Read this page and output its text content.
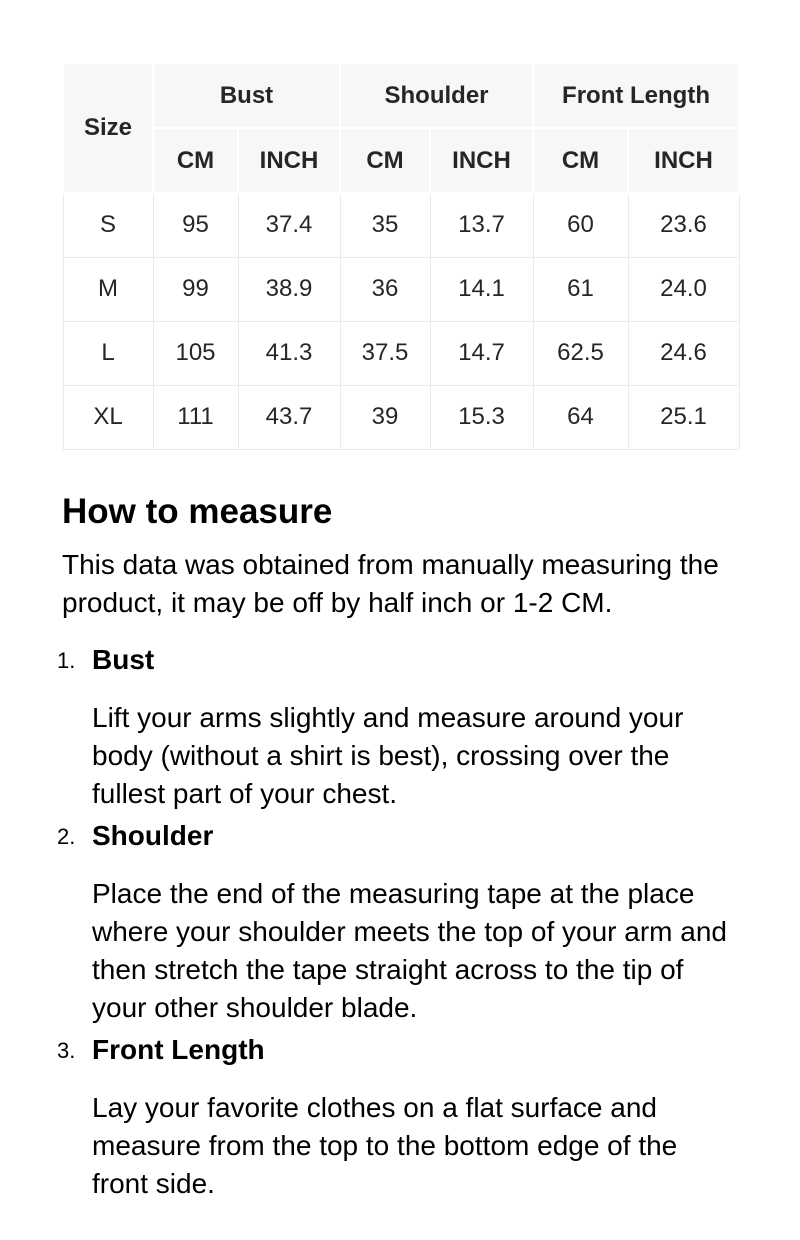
Size	Bust		Shoulder		Front Length	
	CM	INCH	CM	INCH	CM	INCH
S	95	37.4	35	13.7	60	23.6
M	99	38.9	36	14.1	61	24.0
L	105	41.3	37.5	14.7	62.5	24.6
XL	111	43.7	39	15.3	64	25.1
How to measure

This data was obtained from manually measuring the product, it may be off by half inch or 1-2 CM.

1. Bust

Lift your arms slightly and measure around your body (without a shirt is best), crossing over the fullest part of your chest.

2. Shoulder

Place the end of the measuring tape at the place where your shoulder meets the top of your arm and then stretch the tape straight across to the tip of your other shoulder blade.

3. Front Length

Lay your favorite clothes on a flat surface and measure from the top to the bottom edge of the front side.
